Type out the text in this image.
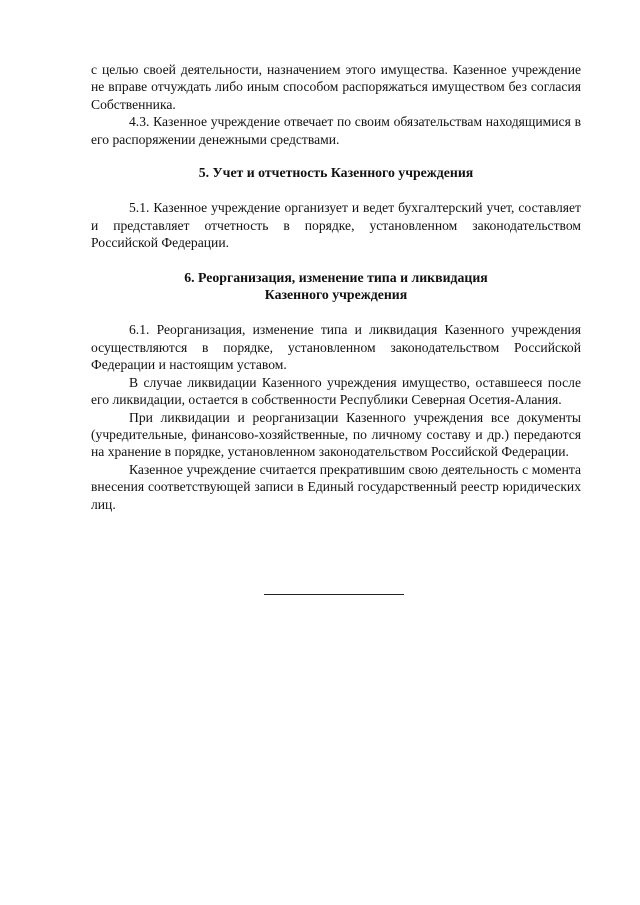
с целью своей деятельности, назначением этого имущества. Казенное учреждение не вправе отчуждать либо иным способом распоряжаться имуществом без согласия Собственника.

4.3. Казенное учреждение отвечает по своим обязательствам находящимися в его распоряжении денежными средствами.

5. Учет и отчетность Казенного учреждения

5.1. Казенное учреждение организует и ведет бухгалтерский учет, составляет и представляет отчетность в порядке, установленном законодательством Российской Федерации.

6. Реорганизация, изменение типа и ликвидация

Казенного учреждения

6.1. Реорганизация, изменение типа и ликвидация Казенного учреждения осуществляются в порядке, установленном законодательством Российской Федерации и настоящим уставом.

В случае ликвидации Казенного учреждения имущество, оставшееся после его ликвидации, остается в собственности Республики Северная Осетия-Алания.

При ликвидации и реорганизации Казенного учреждения все документы (учредительные, финансово-хозяйственные, по личному составу и др.) передаются на хранение в порядке, установленном законодательством Российской Федерации.

Казенное учреждение считается прекратившим свою деятельность с момента внесения соответствующей записи в Единый государственный реестр юридических лиц.
